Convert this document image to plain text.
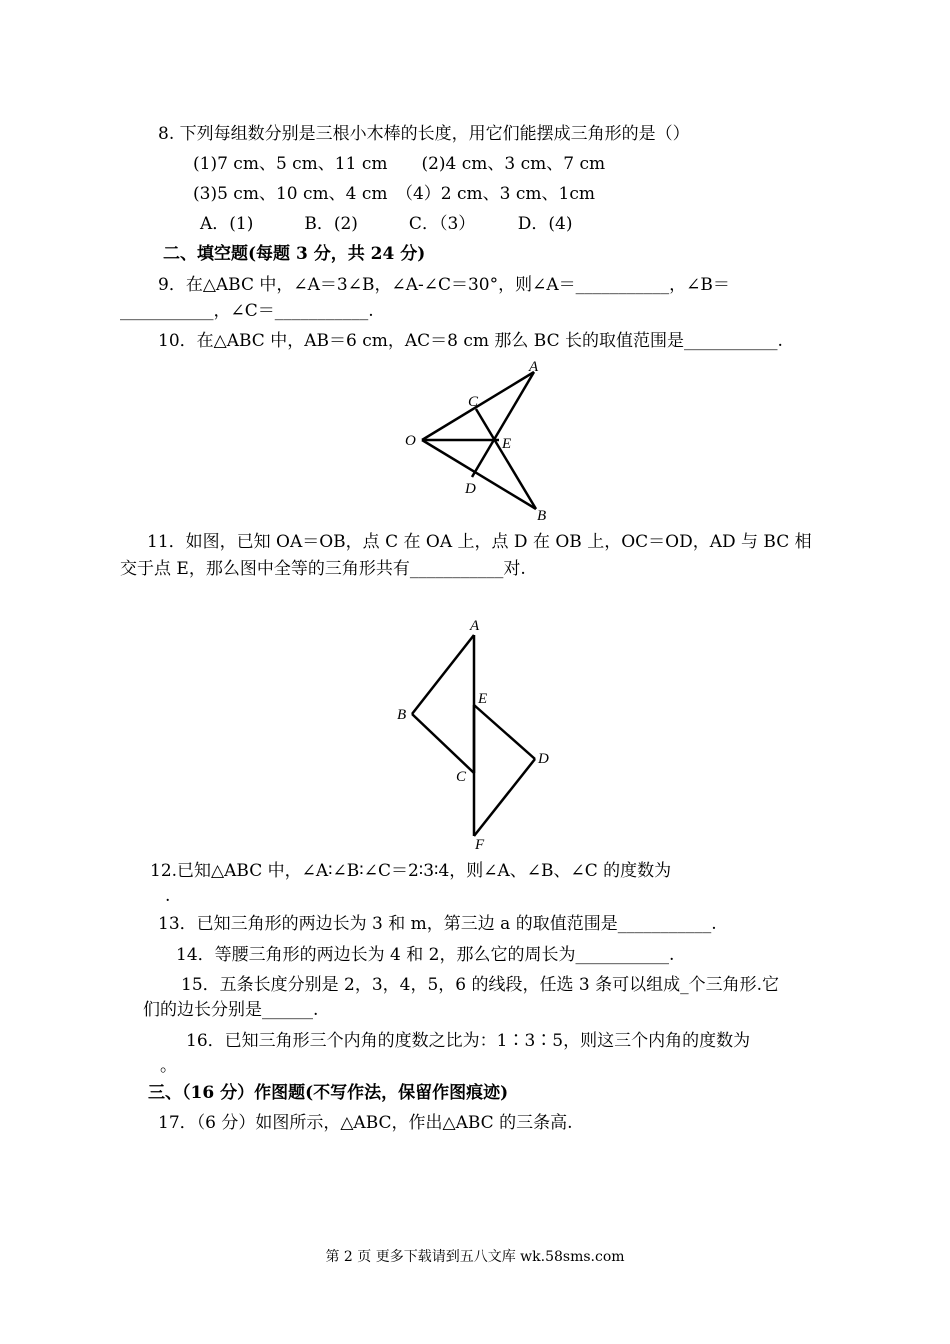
8. 下列每组数分别是三根小木棒的长度，用它们能摆成三角形的是（）
(1)7 cm、5 cm、11 cm　　(2)4 cm、3 cm、7 cm
(3)5 cm、10 cm、4 cm　（4）2 cm、3 cm、1cm
A．(1)　　　B．(2)　　　C．（3）　　　D．(4)
二、填空题(每题 3 分，共 24 分)
9．在△ABC 中，∠A＝3∠B，∠A-∠C＝30°，则∠A＝___________，∠B＝
___________，∠C＝___________.
10．在△ABC 中，AB＝6 cm，AC＝8 cm 那么 BC 长的取值范围是___________.
A
C
O	E
D
B
11．如图，已知 OA＝OB，点 C 在 OA 上，点 D 在 OB 上，OC＝OD，AD 与 BC 相
交于点 E，那么图中全等的三角形共有___________对.
A
E
B
D
C
F
12.已知△ABC 中，∠A∶∠B∶∠C＝2∶3∶4，则∠A、∠B、∠C 的度数为
.
13．已知三角形的两边长为 3 和 m，第三边 a 的取值范围是___________.
14．等腰三角形的两边长为 4 和 2，那么它的周长为___________.
15．五条长度分别是 2，3，4，5，6 的线段，任选 3 条可以组成_个三角形.它
们的边长分别是______.
16．已知三角形三个内角的度数之比为：1∶3∶5，则这三个内角的度数为
。
三、（16 分）作图题(不写作法，保留作图痕迹)
17．（6 分）如图所示，△ABC，作出△ABC 的三条高.
第 2 页 更多下载请到五八文库 wk.58sms.com
